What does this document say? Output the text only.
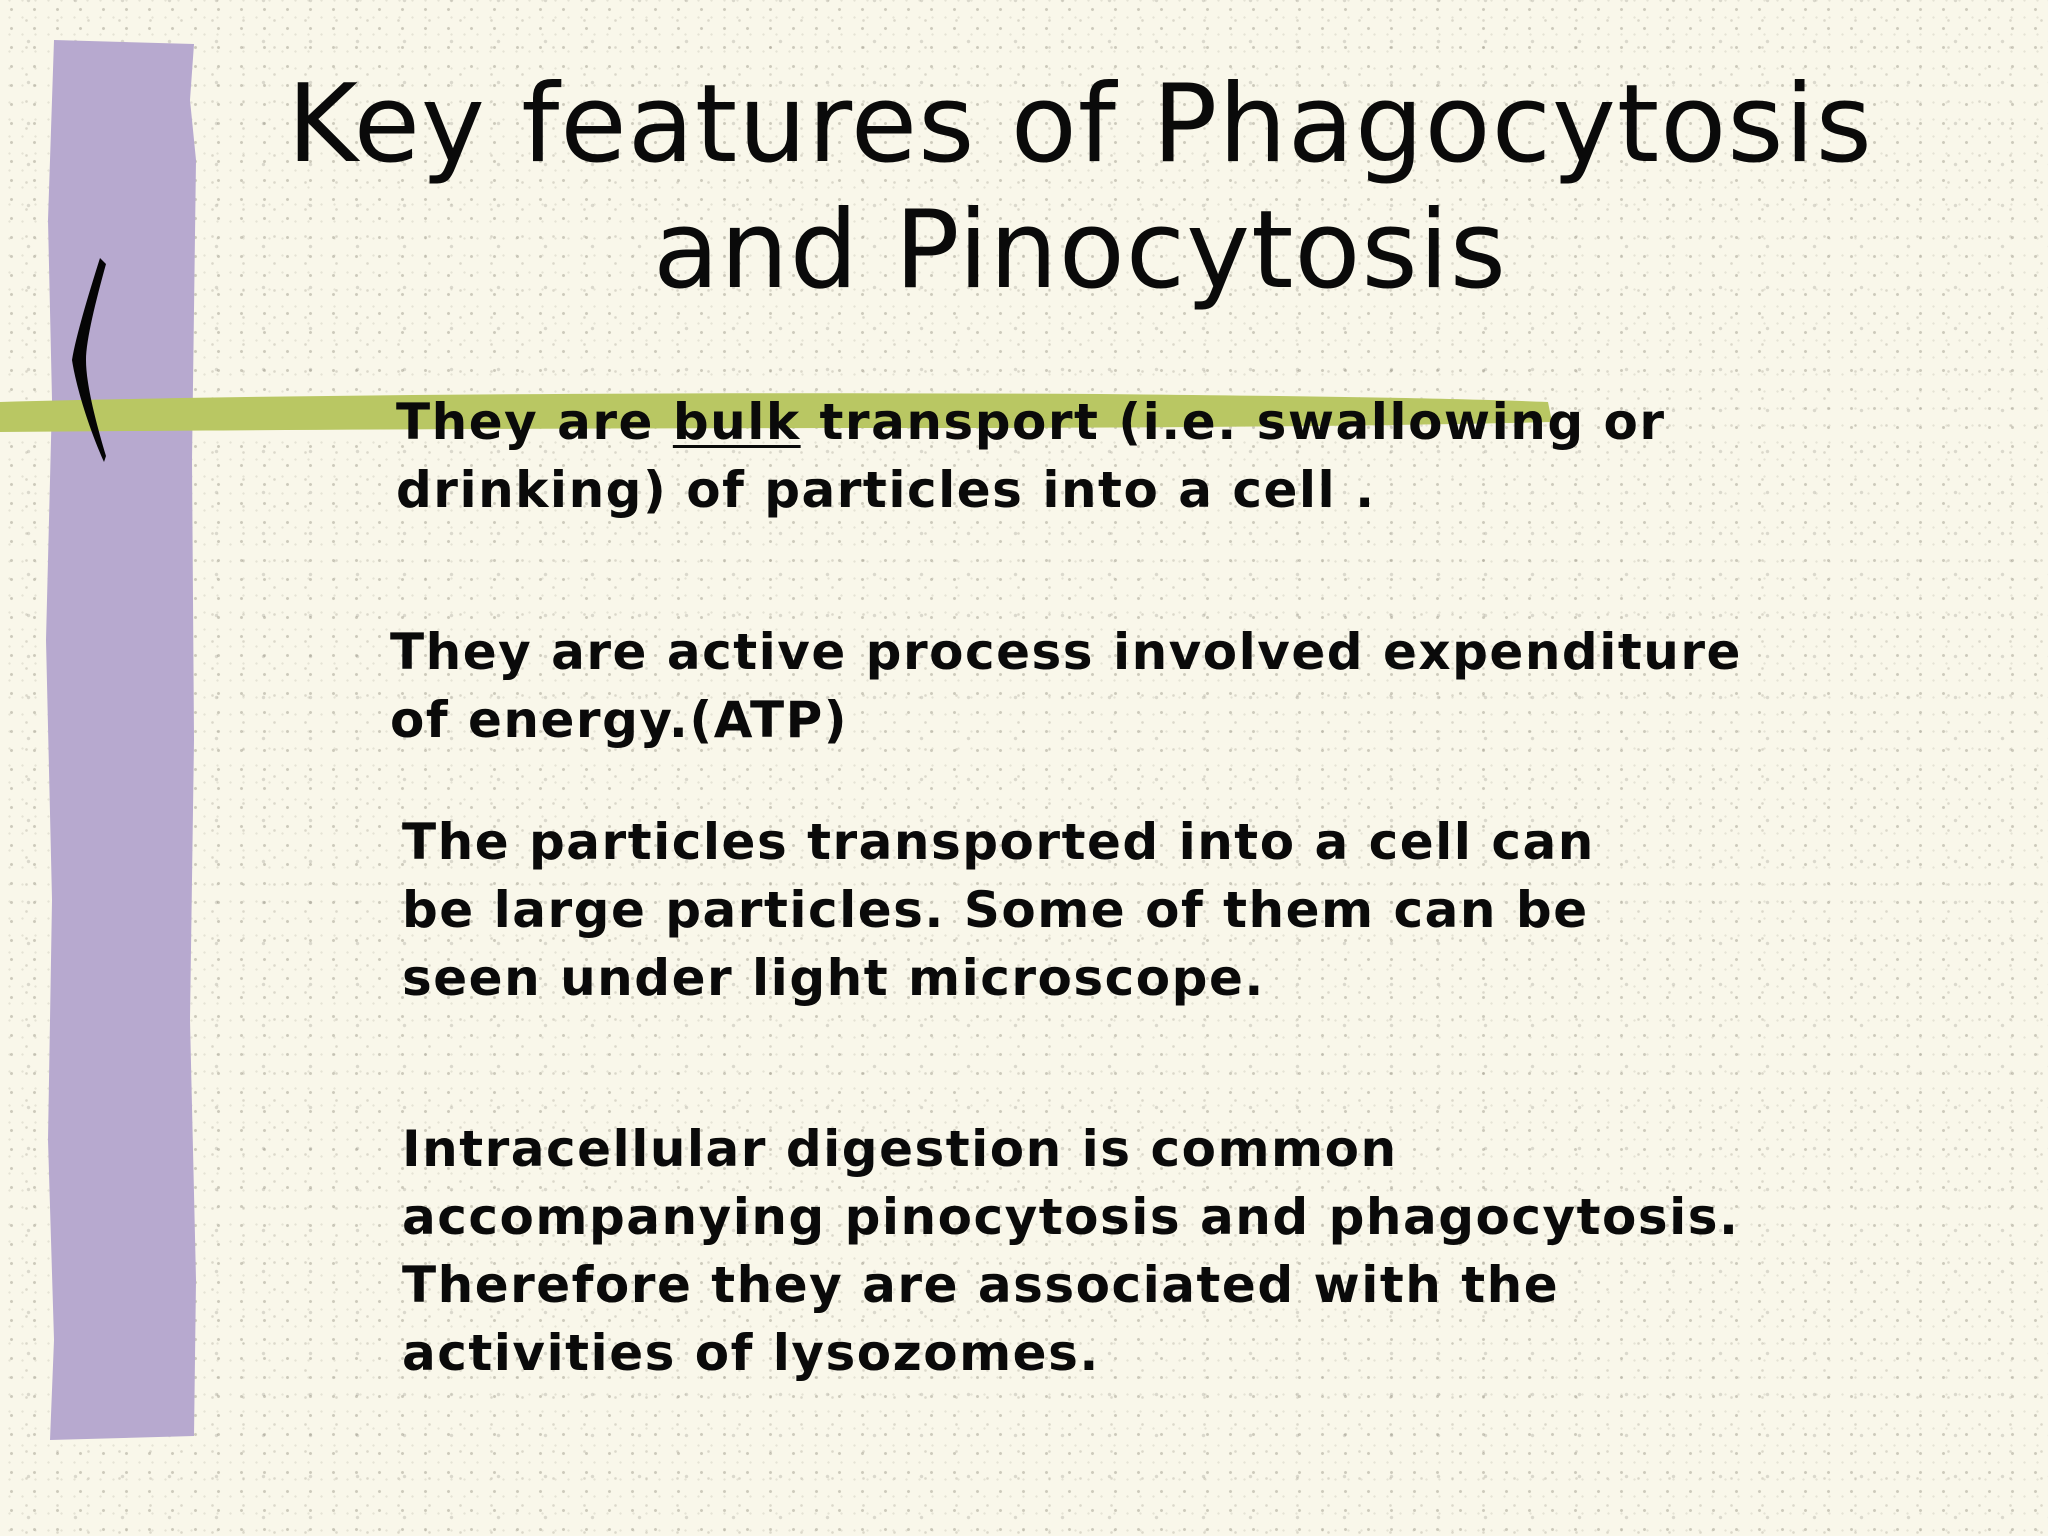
Key features of Phagocytosis
and Pinocytosis
They are bulk transport (i.e. swallowing or
drinking) of particles into a cell .
They are active process involved expenditure
of energy.(ATP)
The particles transported into a cell can
be large particles. Some of them can be
seen under light microscope.
Intracellular digestion is common
accompanying pinocytosis and phagocytosis.
Therefore they are associated with the
activities of lysozomes.
